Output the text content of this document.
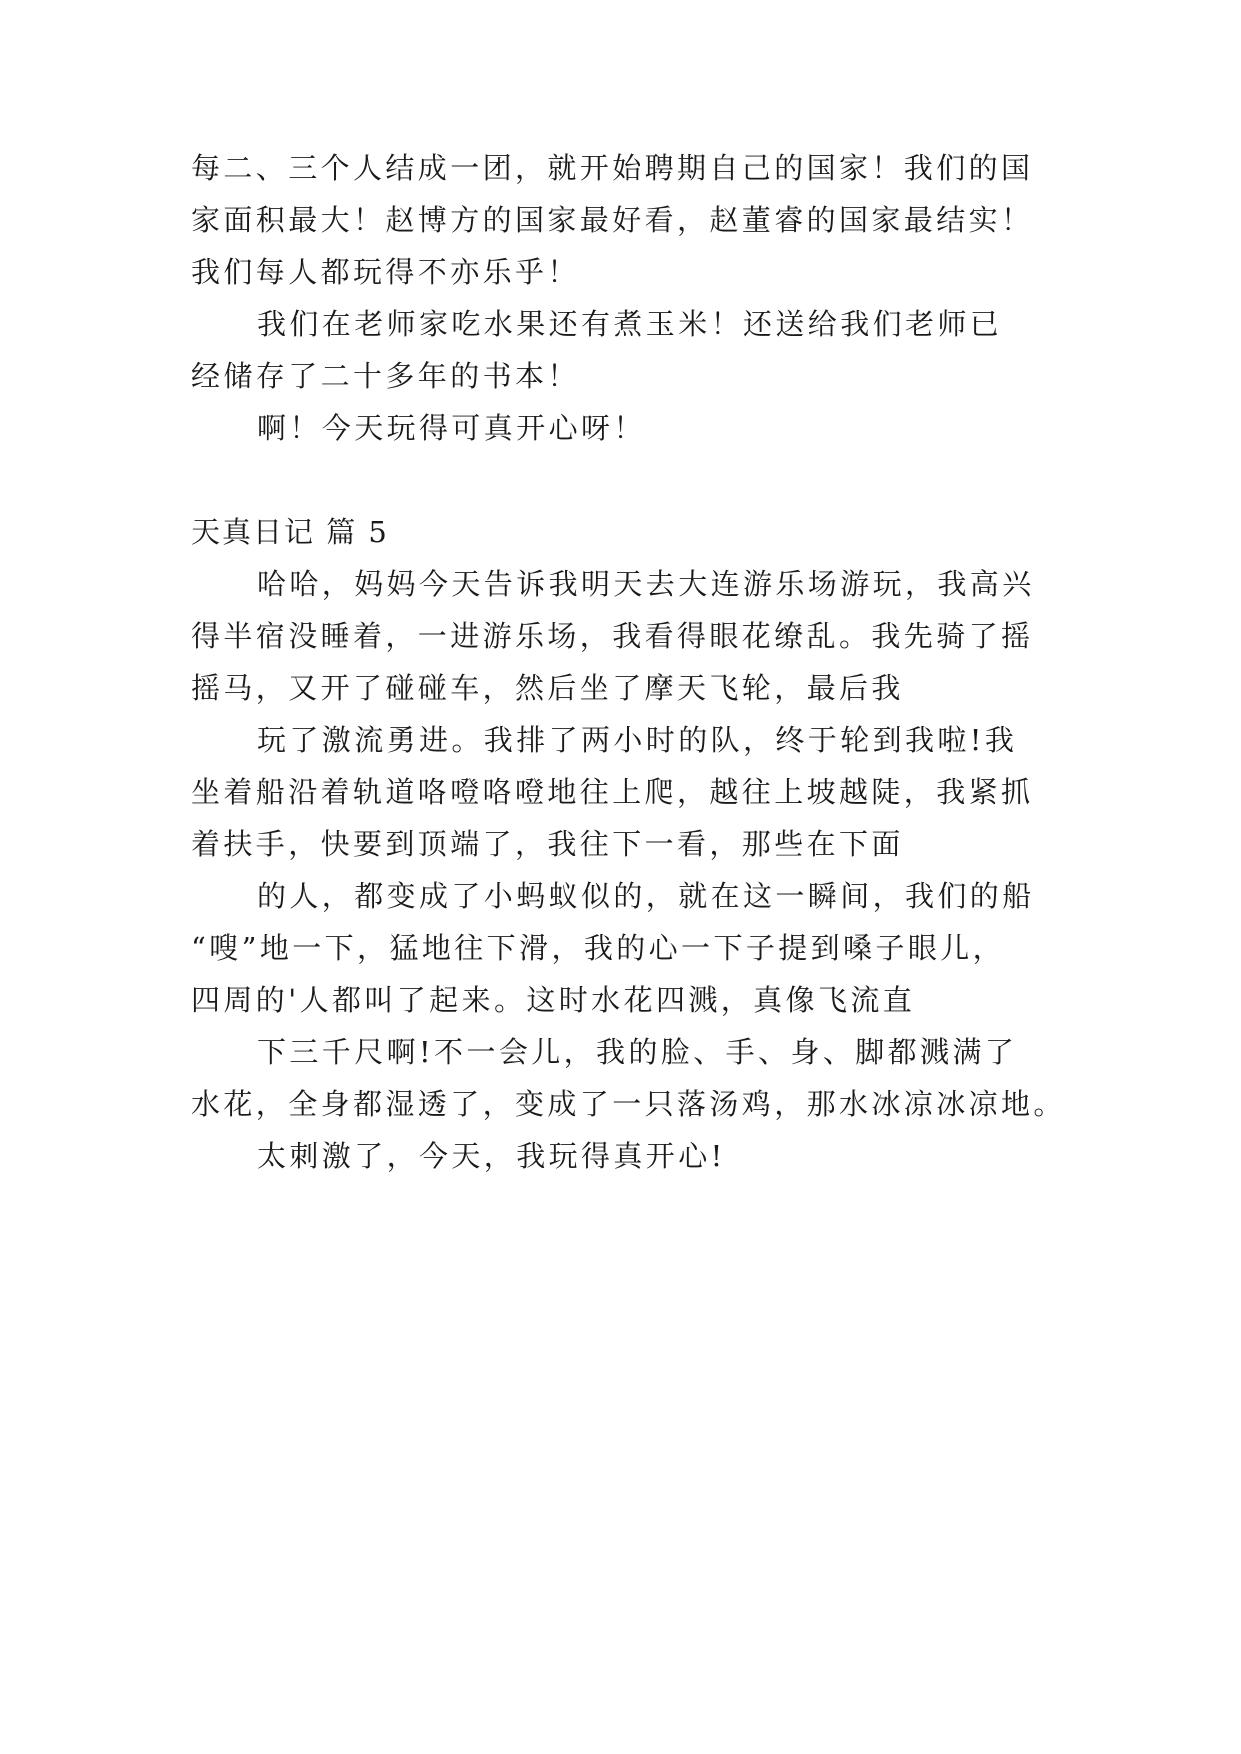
每二、三个人结成一团，就开始聘期自己的国家！我们的国
家面积最大！赵博方的国家最好看，赵董睿的国家最结实！
我们每人都玩得不亦乐乎！
我们在老师家吃水果还有煮玉米！还送给我们老师已
经储存了二十多年的书本！
啊！今天玩得可真开心呀！
天真日记 篇 5
哈哈，妈妈今天告诉我明天去大连游乐场游玩，我高兴
得半宿没睡着，一进游乐场，我看得眼花缭乱。我先骑了摇
摇马，又开了碰碰车，然后坐了摩天飞轮，最后我
玩了激流勇进。我排了两小时的队，终于轮到我啦!我
坐着船沿着轨道咯噔咯噔地往上爬，越往上坡越陡，我紧抓
着扶手，快要到顶端了，我往下一看，那些在下面
的人，都变成了小蚂蚁似的，就在这一瞬间，我们的船
“嗖”地一下，猛地往下滑，我的心一下子提到嗓子眼儿，
四周的'人都叫了起来。这时水花四溅，真像飞流直
下三千尺啊!不一会儿，我的脸、手、身、脚都溅满了
水花，全身都湿透了，变成了一只落汤鸡，那水冰凉冰凉地。
太刺激了，今天，我玩得真开心!
